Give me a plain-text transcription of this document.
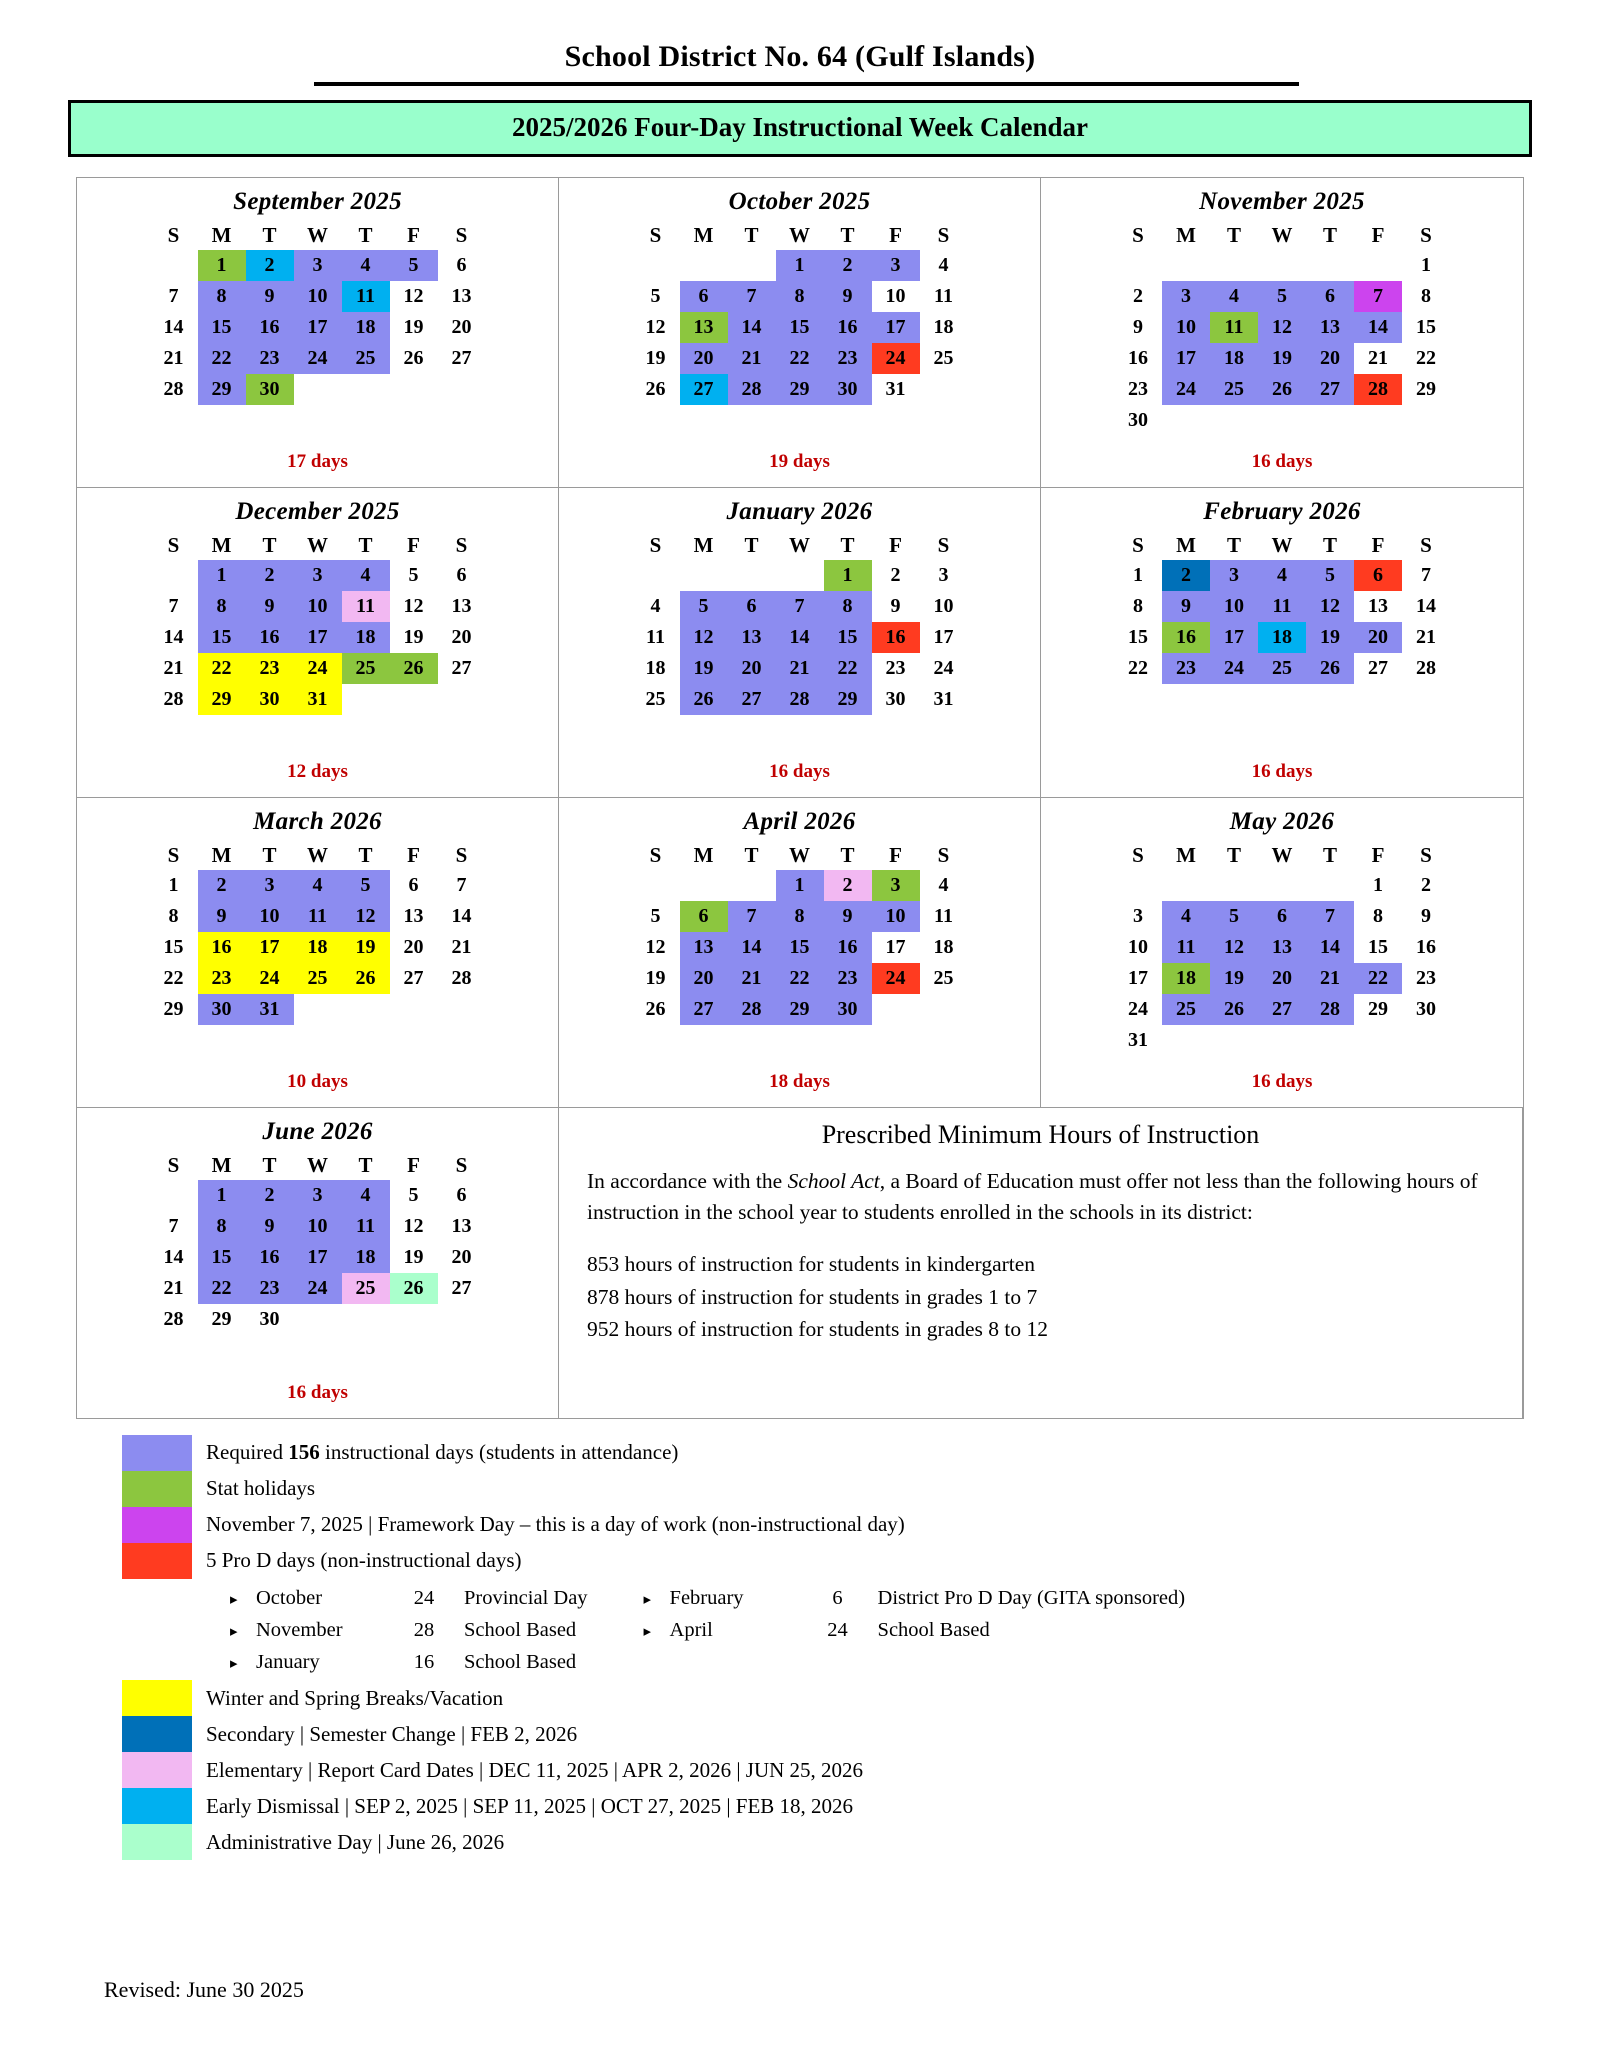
School District No. 64 (Gulf Islands)
2025/2026 Four-Day Instructional Week Calendar
September 2025
S	M	T	W	T	F	S
	1	2	3	4	5	6
7	8	9	10	11	12	13
14	15	16	17	18	19	20
21	22	23	24	25	26	27
28	29	30				
17 days
October 2025
S	M	T	W	T	F	S
			1	2	3	4
5	6	7	8	9	10	11
12	13	14	15	16	17	18
19	20	21	22	23	24	25
26	27	28	29	30	31	
19 days
November 2025
S	M	T	W	T	F	S
						1
2	3	4	5	6	7	8
9	10	11	12	13	14	15
16	17	18	19	20	21	22
23	24	25	26	27	28	29
30						
16 days
December 2025
S	M	T	W	T	F	S
	1	2	3	4	5	6
7	8	9	10	11	12	13
14	15	16	17	18	19	20
21	22	23	24	25	26	27
28	29	30	31			
12 days
January 2026
S	M	T	W	T	F	S
				1	2	3
4	5	6	7	8	9	10
11	12	13	14	15	16	17
18	19	20	21	22	23	24
25	26	27	28	29	30	31
16 days
February 2026
S	M	T	W	T	F	S
1	2	3	4	5	6	7
8	9	10	11	12	13	14
15	16	17	18	19	20	21
22	23	24	25	26	27	28
16 days
March 2026
S	M	T	W	T	F	S
1	2	3	4	5	6	7
8	9	10	11	12	13	14
15	16	17	18	19	20	21
22	23	24	25	26	27	28
29	30	31				
10 days
April 2026
S	M	T	W	T	F	S
			1	2	3	4
5	6	7	8	9	10	11
12	13	14	15	16	17	18
19	20	21	22	23	24	25
26	27	28	29	30		
18 days
May 2026
S	M	T	W	T	F	S
					1	2
3	4	5	6	7	8	9
10	11	12	13	14	15	16
17	18	19	20	21	22	23
24	25	26	27	28	29	30
31						
16 days
June 2026
S	M	T	W	T	F	S
	1	2	3	4	5	6
7	8	9	10	11	12	13
14	15	16	17	18	19	20
21	22	23	24	25	26	27
28	29	30				
16 days
Prescribed Minimum Hours of Instruction
In accordance with the School Act, a Board of Education must offer not less than the following hours of instruction in the school year to students enrolled in the schools in its district:
853 hours of instruction for students in kindergarten
878 hours of instruction for students in grades 1 to 7
952 hours of instruction for students in grades 8 to 12
Required 156 instructional days (students in attendance)
Stat holidays
November 7, 2025 | Framework Day – this is a day of work (non-instructional day)
5 Pro D days (non-instructional days)
▸ October	24	Provincial Day
▸ November	28	School Based
▸ January	16	School Based
▸ February	6	District Pro D Day (GITA sponsored)
▸ April	24	School Based
Winter and Spring Breaks/Vacation
Secondary | Semester Change | FEB 2, 2026
Elementary | Report Card Dates | DEC 11, 2025 | APR 2, 2026 | JUN 25, 2026
Early Dismissal | SEP 2, 2025 | SEP 11, 2025 | OCT 27, 2025 | FEB 18, 2026
Administrative Day | June 26, 2026
Revised: June 30 2025
